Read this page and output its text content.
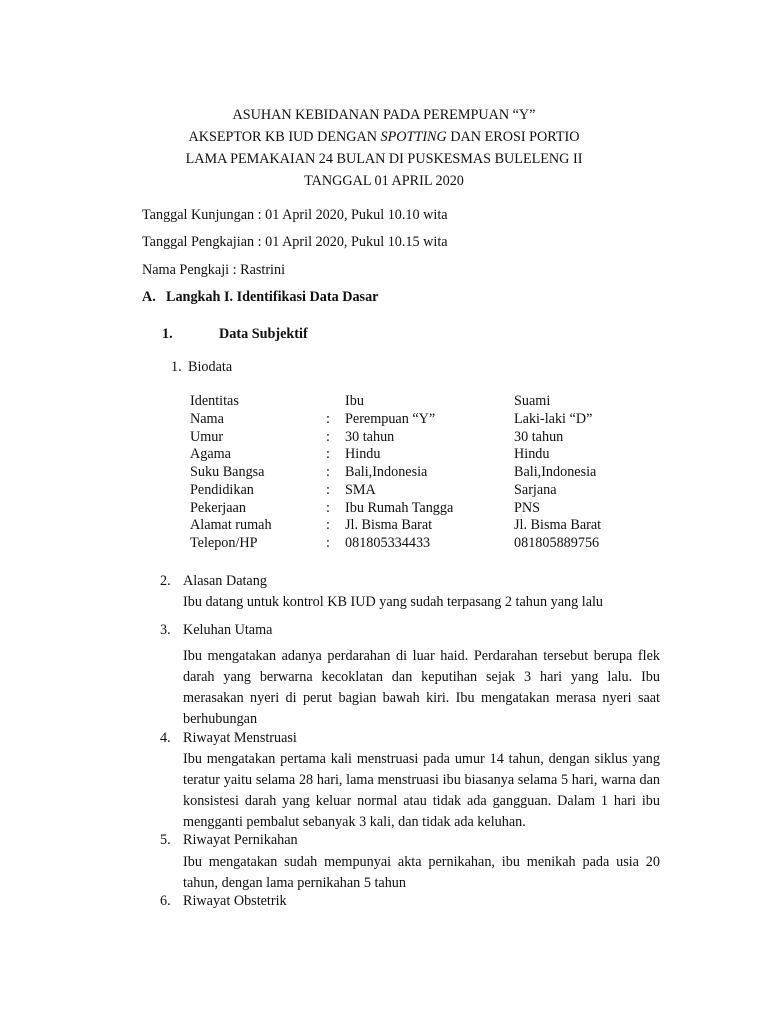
ASUHAN KEBIDANAN PADA PEREMPUAN “Y”
AKSEPTOR KB IUD DENGAN SPOTTING DAN EROSI PORTIO
LAMA PEMAKAIAN 24 BULAN DI PUSKESMAS BULELENG II
TANGGAL 01 APRIL 2020
Tanggal Kunjungan : 01 April 2020, Pukul 10.10 wita
Tanggal Pengkajian : 01 April 2020, Pukul 10.15 wita
Nama Pengkaji : Rastrini
A. Langkah I. Identifikasi Data Dasar
1.	Data Subjektif
1. Biodata
Identitas	Ibu	Suami
Nama	: Perempuan “Y”	Laki-laki “D”
Umur	: 30 tahun	30 tahun
Agama	: Hindu	Hindu
Suku Bangsa	: Bali,Indonesia	Bali,Indonesia
Pendidikan	: SMA	Sarjana
Pekerjaan	: Ibu Rumah Tangga	PNS
Alamat rumah	: Jl. Bisma Barat	Jl. Bisma Barat
Telepon/HP	: 081805334433	081805889756
2. Alasan Datang
Ibu datang untuk kontrol KB IUD yang sudah terpasang 2 tahun yang lalu
3. Keluhan Utama
Ibu mengatakan adanya perdarahan di luar haid. Perdarahan tersebut berupa flek darah yang berwarna kecoklatan dan keputihan sejak 3 hari yang lalu. Ibu merasakan nyeri di perut bagian bawah kiri. Ibu mengatakan merasa nyeri saat berhubungan
4. Riwayat Menstruasi
Ibu mengatakan pertama kali menstruasi pada umur 14 tahun, dengan siklus yang teratur yaitu selama 28 hari, lama menstruasi ibu biasanya selama 5 hari, warna dan konsistesi darah yang keluar normal atau tidak ada gangguan. Dalam 1 hari ibu mengganti pembalut sebanyak 3 kali, dan tidak ada keluhan.
5. Riwayat Pernikahan
Ibu mengatakan sudah mempunyai akta pernikahan, ibu menikah pada usia 20 tahun, dengan lama pernikahan 5 tahun
6. Riwayat Obstetrik
